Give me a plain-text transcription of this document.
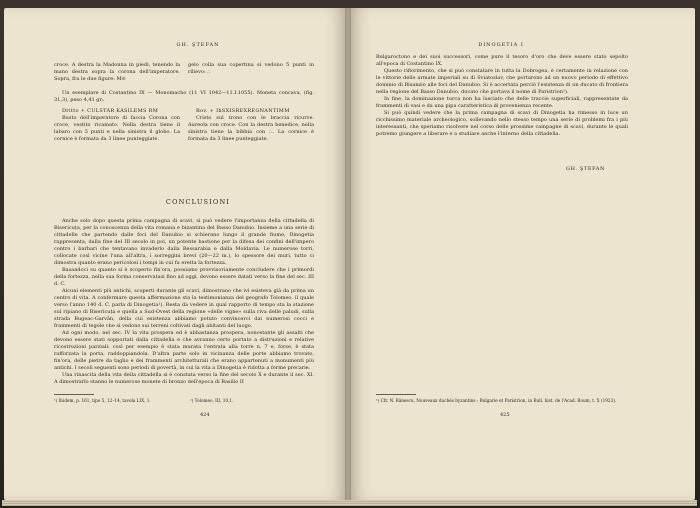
GH. ŞTEFAN

croce. A destra la Madonna in piedi, tenendo la mano destra sopra la corona dell'imperatore. Sopra, fra le due figure: M⊙

gelo colla sua copertina si vedono 5 punti in rilievo: ∴

Un esemplare di Costantino IX — Monomacho (11 VI 1042—11.I.1055). Moneta concava, (fig. 31,3), peso 4,41 grᵢ.

Dritto + CULSTAR KASILEMS RM

Busto dell'imperatore di faccia Corona con croce, vestito ricamato. Nella destra tiene il labaro con 5 punti e nella sinistra il globo. La cornice è formata da 3 linee punteggiate.

Rov. + IhSXISREXREGNANTIMM

Cristo sul trono con le braccia ricurve. Aureola con croce. Con la destra benedice, nella sinistra tiene la bibbia con ∴. La cornice è formata da 3 linee punteggiate.

CONCLUSIONI

Anche solo dopo questa prima campagna di scavi, si può vedere l'importanza della cittadella di Bisericuța, per la conoscenza della vita romana e bizantina del Basso Danubio. Insieme a una serie di cittadelle che partendo dalle foci del Danubio si schierano lungo il grande fiume, Dinogetia rappresenta, dalla fine del III secolo in poi, un potente bastione per la difesa dei confini dell'impero contro i barbari che tentavano invaderlo dalla Bessarabia e dalla Moldavia. Le numerose torri, collocate così vicine l'una all'altra, i sorreggini brevi (20—22 m.), lo spessore dei muri, tutto ci dimostra quanto erano pericolosi i tempi in cui fu eretta la fortezza.

Basandoci su quanto si è scoperto fin'ora, possiamo provvisoriamente concludere che i primordi della fortezza, nella sua forma conservatasi fino ad oggi, devono essere datati verso la fine del sec. III d. C.

Alcuni elementi più antichi, scoperti durante gli scavi, dimostrano che ivi esisteva già da prima un centro di vita. A confermare questa affermazione sta la testimonianza del geografo Tolomeo, il quale verso l'anno 140 d. C. parla di Dinogetia¹). Resta da vedere in qual rapporto di tempo sta la stazione sul ripiano di Bisericuța e quella a Sud-Ovest della regione «delle vigne» sulla riva delle paludi, sulla strada Bugeac-Garvăn, della cui esistenza abbiamo potuto convincerci dai numerosi cocci e frammenti di tegole che si vedono sui terreni coltivati dagli abitanti del luogo.

Ad ogni modo, nel sec. IV la vita prospera ed è abbastanza prospera, nonostante gli assalti che devono essere stati sopportati dalla cittadella e che avranno certo portato a distruzioni e relative ricostruzioni parziali: così per esempio è stata murata l'entrata alla torre n. 7 e, forse, è stata rafforzata la porta, raddoppiandola. D'altra parte solo in vicinanza delle porte abbiamo trovato, fin'ora, delle pietre da taglio e dei frammenti architetturali che erano appartenuti a monumenti più antichi. I secoli seguenti sono periodi di povertà, in cui la vita a Dinogetia è ridotta a forme precarie.

Una rinascita della vita della cittadella si è constata verso la fine del secolo X e durante il sec. XI. A dimostrarlo stanno le numerose monete di bronzo dell'epoca di Basilio II

¹) Ibidem, p. 161, tipo 5, 12–14, tavola LIX, 1.	²) Tolomeo, III, 10,1.
424
DINOGETIA I

Bulgaroctono e dei suoi successori, come pure il tesoro d'oro che deve essere stato sepolto all'epoca di Costantino IX.

Questo rifiorimento, che si può constatare in tutta la Dobrogea, è certamente in relazione con le vittorie delle armate imperiali su di Sviatoslav, che portarono ad un nuovo periodo di effettivo dominio di Bisanzio alle foci del Danubio. Si è accertata perciò l'esistenza di un ducato di frontiera nella regione del Basso Danubio, ducato che portava il nome di Paristrion¹).

In fine, la dominazione turca non ha lasciato che delle traccie superficiali, rappresentate da frammenti di vasi e da una pipa caratteristica di provenienza recente.

Si può quindi vedere che la prima campagna di scavi di Dinogetia ha rimesso in luce un ricchissimo materiale archeologico, sollevando nello stesso tempo una serie di problemi fra i più interessanti, che speriamo risolvere nel corso delle prossime campagne di scavi, durante le quali potremo giungere a liberare e a studiare anche l'interno della cittadella.

GH. ŞTEFAN
¹) Cfr. N. Bănescu, Nouveaux duchés byzantins : Bulgarie et Paristrion, in Bull. hist. de l'Acad. Roum, t. X (1923).
425
